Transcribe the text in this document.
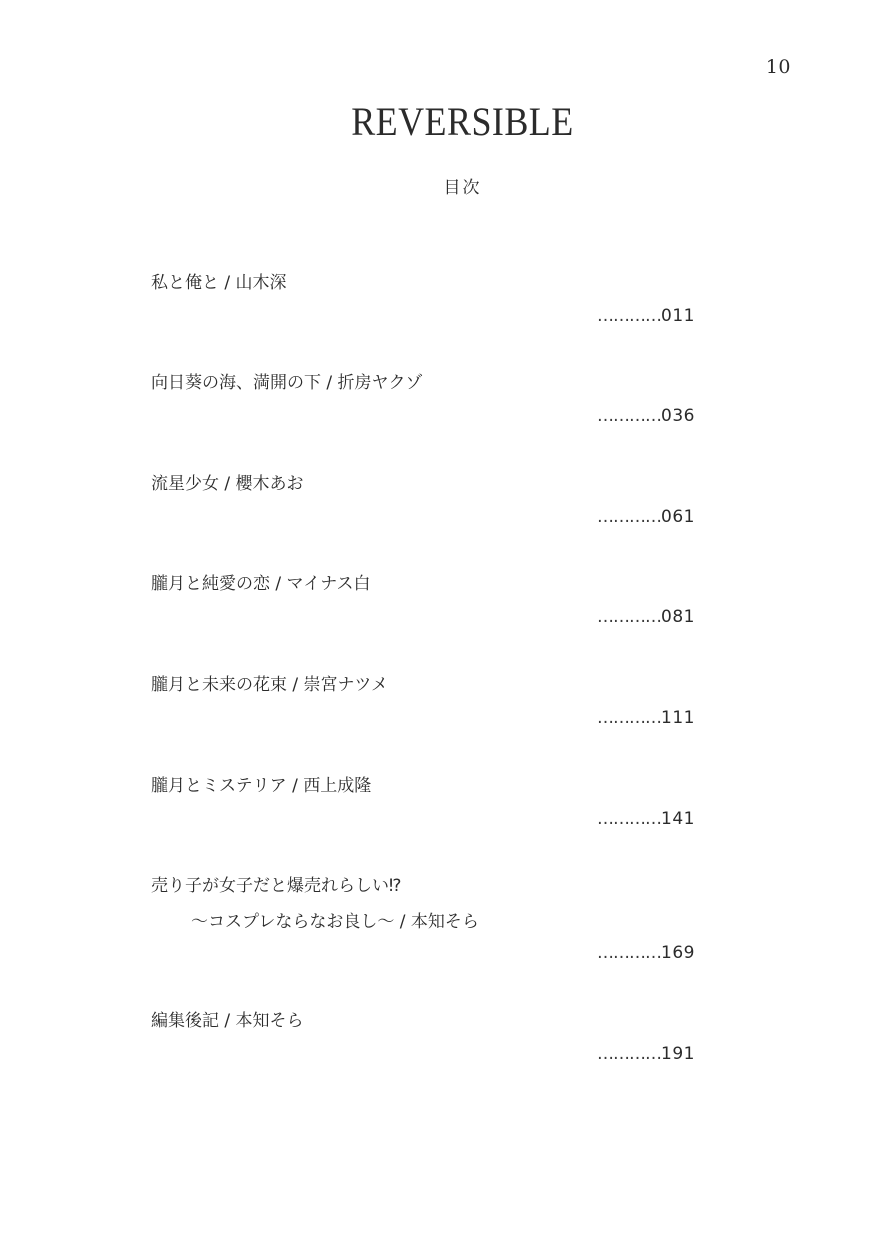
10
REVERSIBLE
目次
私と俺と / 山木深
…………011
向日葵の海、満開の下 / 折房ヤクゾ
…………036
流星少女 / 櫻木あお
…………061
朧月と純愛の恋 / マイナス白
…………081
朧月と未来の花束 / 崇宮ナツメ
…………111
朧月とミステリア / 西上成隆
…………141
売り子が女子だと爆売れらしい⁉
〜コスプレならなお良し〜 / 本知そら
…………169
編集後記 / 本知そら
…………191
